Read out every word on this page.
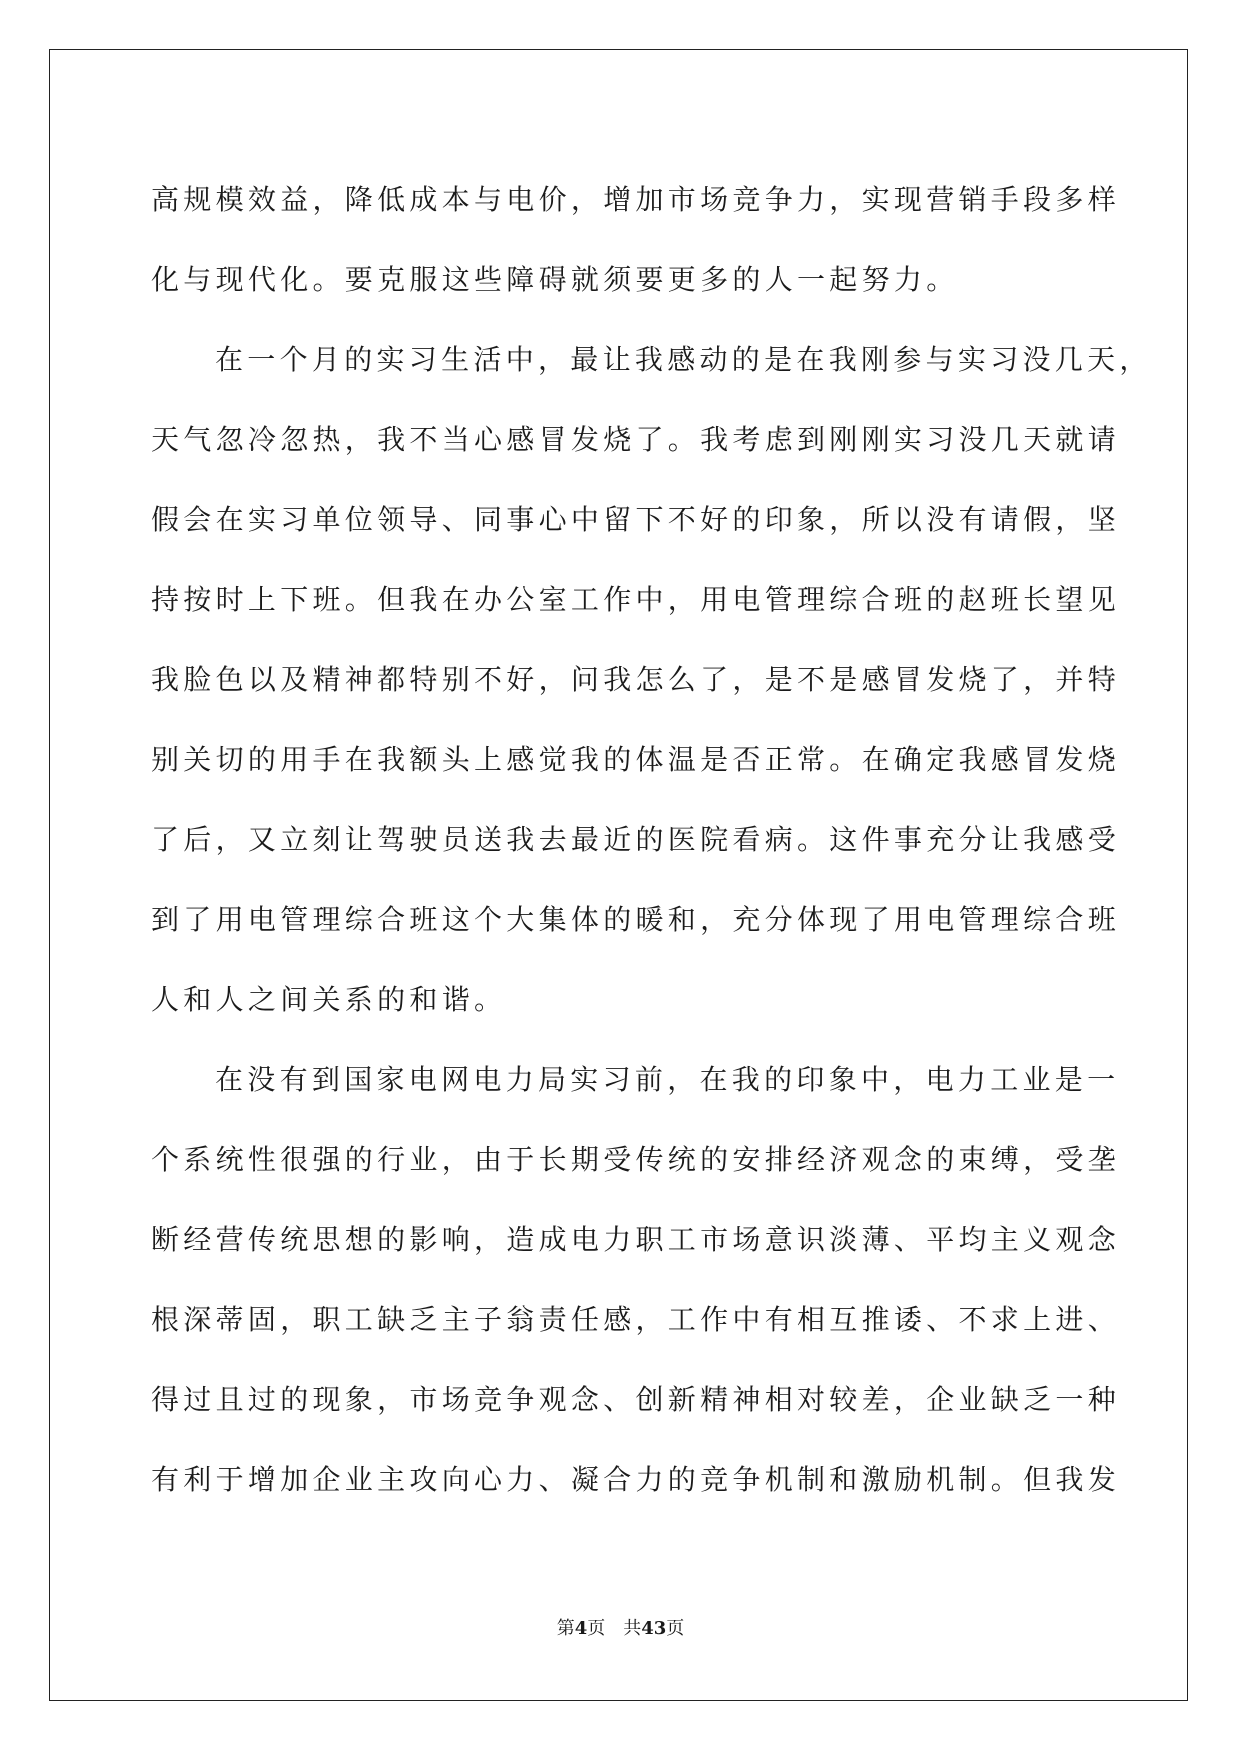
高规模效益，降低成本与电价，增加市场竞争力，实现营销手段多样
化与现代化。要克服这些障碍就须要更多的人一起努力。
在一个月的实习生活中，最让我感动的是在我刚参与实习没几天，
天气忽冷忽热，我不当心感冒发烧了。我考虑到刚刚实习没几天就请
假会在实习单位领导、同事心中留下不好的印象，所以没有请假，坚
持按时上下班。但我在办公室工作中，用电管理综合班的赵班长望见
我脸色以及精神都特别不好，问我怎么了，是不是感冒发烧了，并特
别关切的用手在我额头上感觉我的体温是否正常。在确定我感冒发烧
了后，又立刻让驾驶员送我去最近的医院看病。这件事充分让我感受
到了用电管理综合班这个大集体的暖和，充分体现了用电管理综合班
人和人之间关系的和谐。
在没有到国家电网电力局实习前，在我的印象中，电力工业是一
个系统性很强的行业，由于长期受传统的安排经济观念的束缚，受垄
断经营传统思想的影响，造成电力职工市场意识淡薄、平均主义观念
根深蒂固，职工缺乏主子翁责任感，工作中有相互推诿、不求上进、
得过且过的现象，市场竞争观念、创新精神相对较差，企业缺乏一种
有利于增加企业主攻向心力、凝合力的竞争机制和激励机制。但我发
第4页 共43页
